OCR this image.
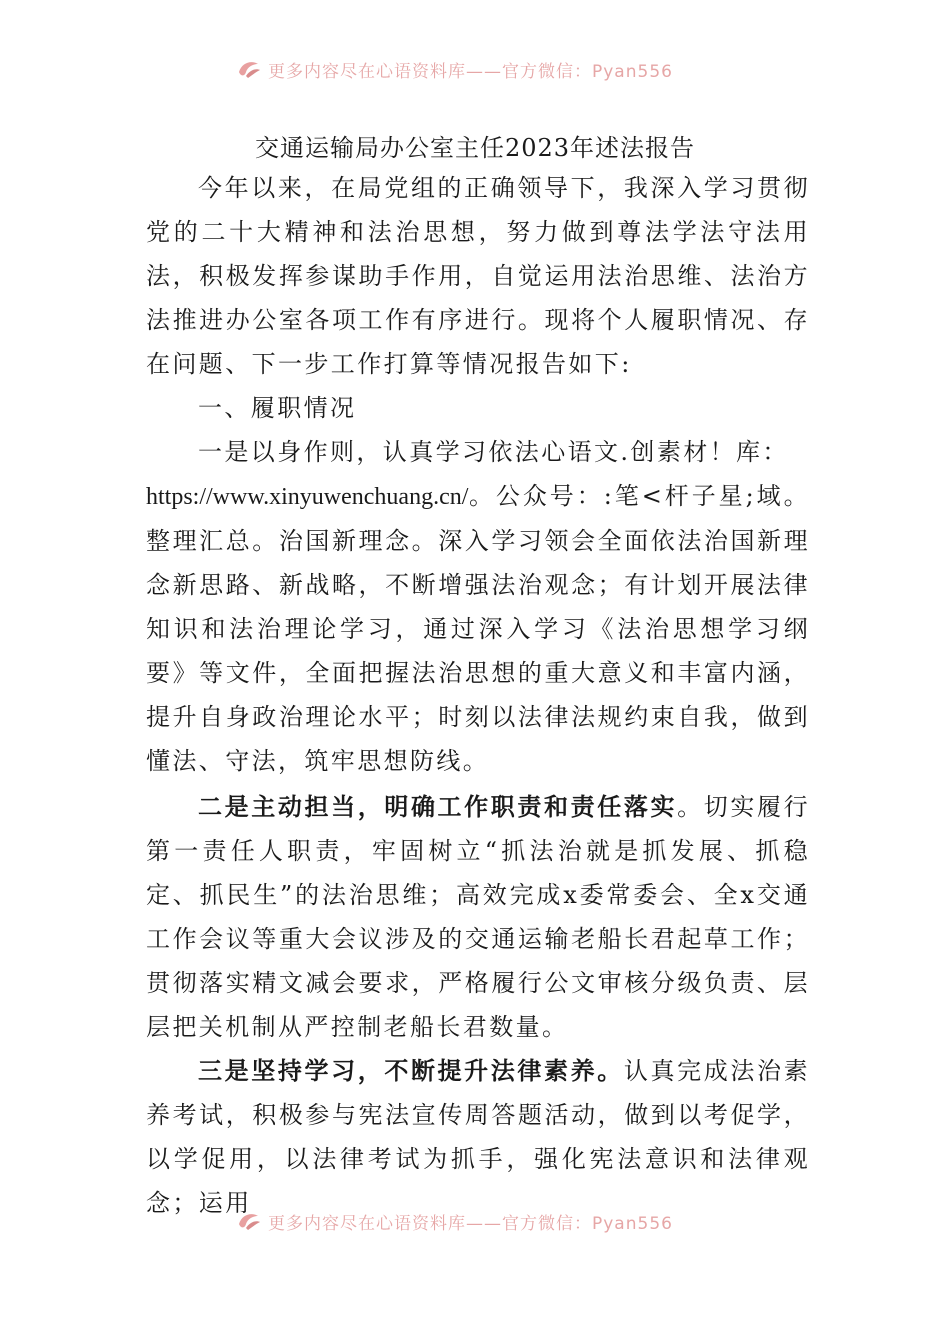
更多内容尽在心语资料库——官方微信：Pyan556
交通运输局办公室主任2023年述法报告

今年以来，在局党组的正确领导下，我深入学习贯彻党的二十大精神和法治思想，努力做到尊法学法守法用法，积极发挥参谋助手作用，自觉运用法治思维、法治方法推进办公室各项工作有序进行。现将个人履职情况、存在问题、下一步工作打算等情况报告如下:

一、履职情况

一是以身作则，认真学习依法心语文.创素材！库：

https://www.xinyuwenchuang.cn/。公众号：:笔<杆子星;域。整理汇总。治国新理念。深入学习领会全面依法治国新理念新思路、新战略，不断增强法治观念；有计划开展法律知识和法治理论学习，通过深入学习《法治思想学习纲要》等文件，全面把握法治思想的重大意义和丰富内涵，提升自身政治理论水平；时刻以法律法规约束自我，做到懂法、守法，筑牢思想防线。

二是主动担当，明确工作职责和责任落实。切实履行第一责任人职责，牢固树立“抓法治就是抓发展、抓稳定、抓民生”的法治思维；高效完成x委常委会、全x交通工作会议等重大会议涉及的交通运输老船长君起草工作；贯彻落实精文减会要求，严格履行公文审核分级负责、层层把关机制从严控制老船长君数量。

三是坚持学习，不断提升法律素养。认真完成法治素养考试，积极参与宪法宣传周答题活动，做到以考促学，以学促用，以法律考试为抓手，强化宪法意识和法律观念；运用

更多内容尽在心语资料库——官方微信：Pyan556
